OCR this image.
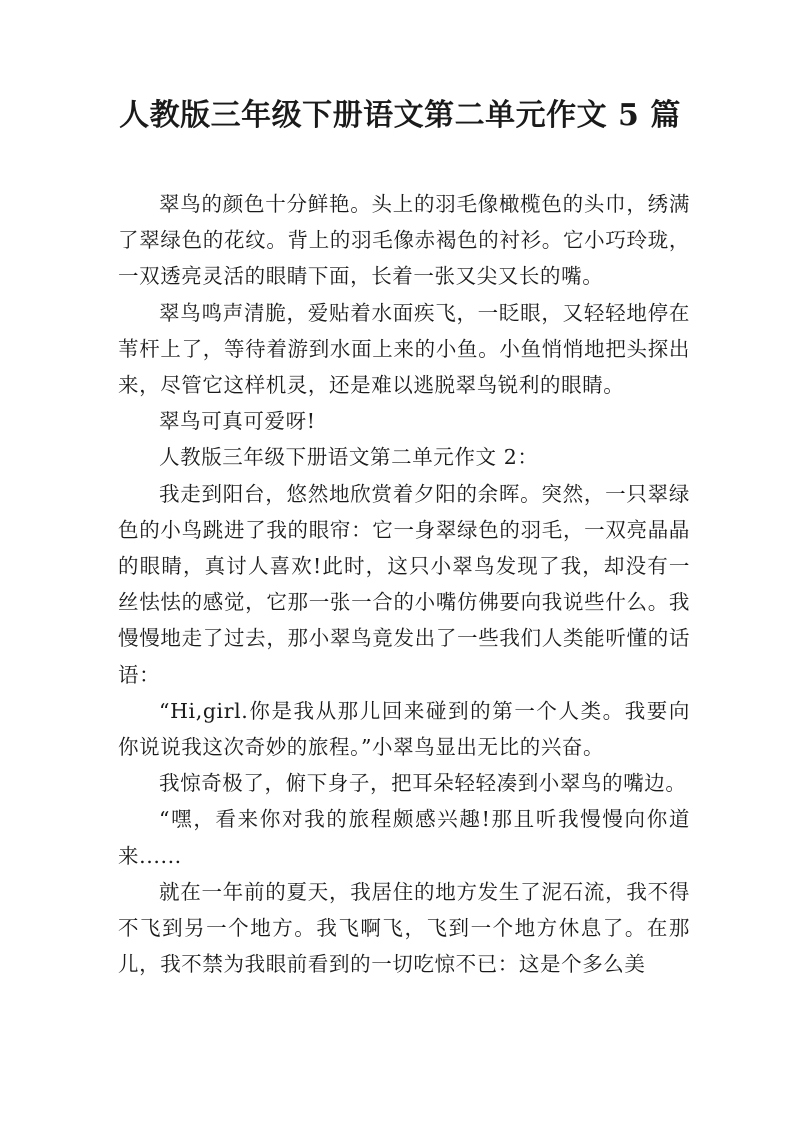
人教版三年级下册语文第二单元作文 5 篇

翠鸟的颜色十分鲜艳。头上的羽毛像橄榄色的头巾，绣满了翠绿色的花纹。背上的羽毛像赤褐色的衬衫。它小巧玲珑，一双透亮灵活的眼睛下面，长着一张又尖又长的嘴。

翠鸟鸣声清脆，爱贴着水面疾飞，一眨眼，又轻轻地停在苇杆上了，等待着游到水面上来的小鱼。小鱼悄悄地把头探出来，尽管它这样机灵，还是难以逃脱翠鸟锐利的眼睛。

翠鸟可真可爱呀!

人教版三年级下册语文第二单元作文 2：

我走到阳台，悠然地欣赏着夕阳的余晖。突然，一只翠绿色的小鸟跳进了我的眼帘：它一身翠绿色的羽毛，一双亮晶晶的眼睛，真讨人喜欢!此时，这只小翠鸟发现了我，却没有一丝怯怯的感觉，它那一张一合的小嘴仿佛要向我说些什么。我慢慢地走了过去，那小翠鸟竟发出了一些我们人类能听懂的话语：

“Hi,girl.你是我从那儿回来碰到的第一个人类。我要向你说说我这次奇妙的旅程。”小翠鸟显出无比的兴奋。

我惊奇极了，俯下身子，把耳朵轻轻凑到小翠鸟的嘴边。

“嘿，看来你对我的旅程颇感兴趣!那且听我慢慢向你道来......

就在一年前的夏天，我居住的地方发生了泥石流，我不得不飞到另一个地方。我飞啊飞，飞到一个地方休息了。在那儿，我不禁为我眼前看到的一切吃惊不已：这是个多么美
